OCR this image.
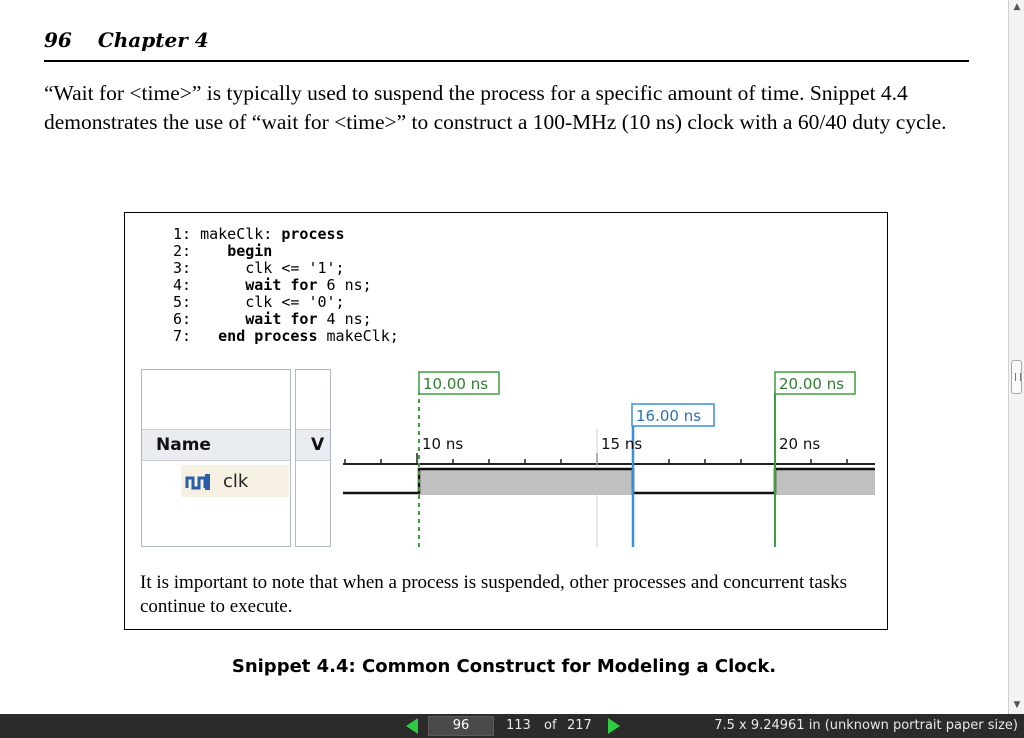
96 Chapter 4

“Wait for <time>” is typically used to suspend the process for a specific amount of time. Snippet 4.4 demonstrates the use of “wait for <time>” to construct a 100-MHz (10 ns) clock with a 60/40 duty cycle.

1: makeClk: process
2:    begin
3:      clk <= '1';
4:      wait for 6 ns;
5:      clk <= '0';
6:      wait for 4 ns;
7:   end process makeClk;
Name	V
clk
10.00 ns
16.00 ns
20.00 ns
10 ns	15 ns	20 ns
It is important to note that when a process is suspended, other processes and concurrent tasks continue to execute.
Snippet 4.4: Common Construct for Modeling a Clock.
▲
▼
96	113 of 217	7.5 x 9.24961 in (unknown portrait paper size)
